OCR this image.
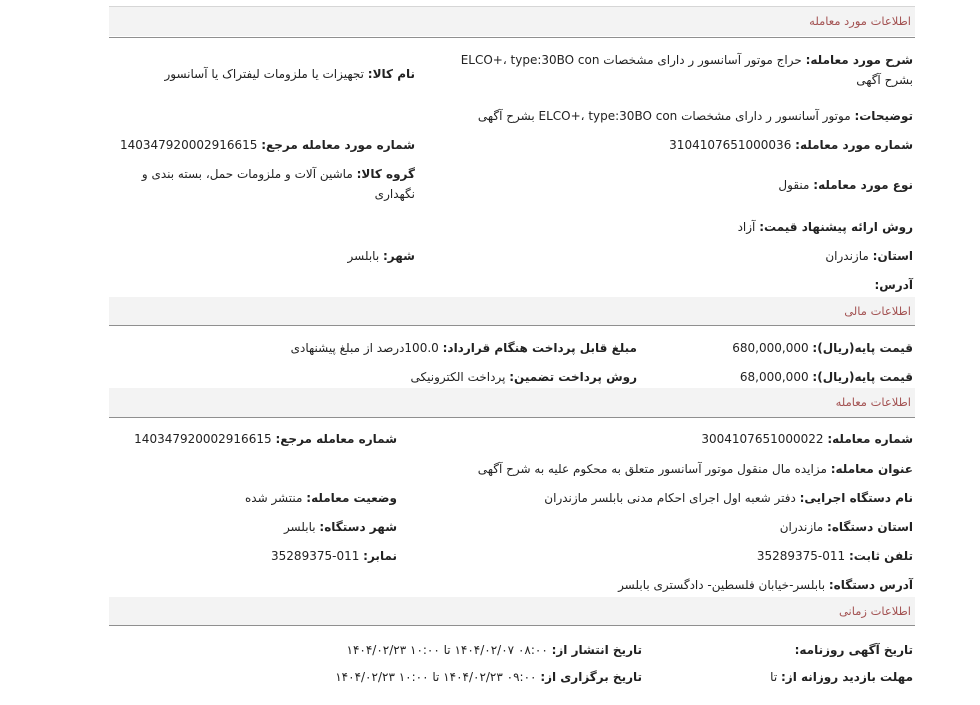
اطلاعات مورد معامله
شرح مورد معامله: حراج موتور آسانسور ر دارای مشخصات ELCO+، type:30BO con بشرح آگهی
نام کالا: تجهیزات یا ملزومات لیفتراک یا آسانسور
توضیحات: موتور آسانسور ر دارای مشخصات ELCO+، type:30BO con بشرح آگهی
شماره مورد معامله: 3104107651000036
شماره مورد معامله مرجع: 140347920002916615
گروه کالا: ماشین آلات و ملزومات حمل، بسته بندی و نگهداری
نوع مورد معامله: منقول
روش ارائه پیشنهاد قیمت: آزاد
استان: مازندران
شهر: بابلسر
آدرس:
اطلاعات مالی
قیمت پایه(ریال): 680,000,000
مبلغ قابل پرداخت هنگام قرارداد: 100.0درصد از مبلغ پیشنهادی
قیمت پایه(ریال): 68,000,000
روش پرداخت تضمین: پرداخت الکترونیکی
اطلاعات معامله
شماره معامله: 3004107651000022
شماره معامله مرجع: 140347920002916615
عنوان معامله: مزایده مال منقول موتور آسانسور متعلق به محکوم علیه به شرح آگهی
نام دستگاه اجرایی: دفتر شعبه اول اجرای احکام مدنی بابلسر مازندران
وضعیت معامله: منتشر شده
استان دستگاه: مازندران
شهر دستگاه: بابلسر
تلفن ثابت: 35289375-011
نمابر: 35289375-011
آدرس دستگاه: بابلسر-خیابان فلسطین- دادگستری بابلسر
اطلاعات زمانی
تاریخ آگهی روزنامه:
تاریخ انتشار از: ۰۸:۰۰ ۱۴۰۴/۰۲/۰۷ تا ۱۰:۰۰ ۱۴۰۴/۰۲/۲۳
مهلت بازدید روزانه از: تا
تاریخ برگزاری از: ۰۹:۰۰ ۱۴۰۴/۰۲/۲۳ تا ۱۰:۰۰ ۱۴۰۴/۰۲/۲۳
